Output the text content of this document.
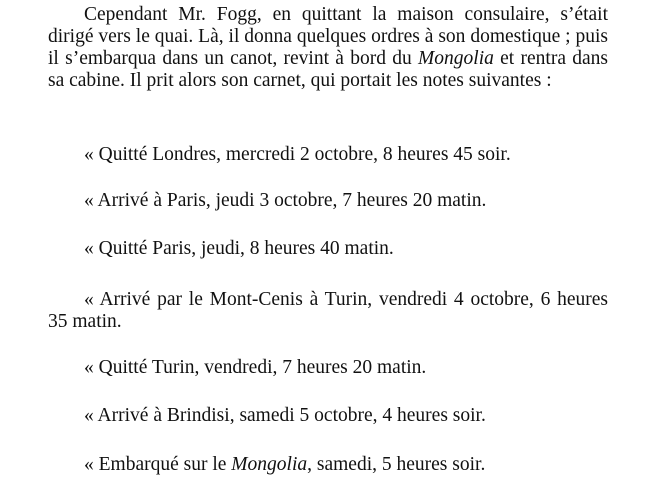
Cependant Mr. Fogg, en quittant la maison consulaire, s’était dirigé vers le quai. Là, il donna quelques ordres à son domestique ; puis il s’embarqua dans un canot, revint à bord du Mongolia et rentra dans sa cabine. Il prit alors son carnet, qui portait les notes suivantes :

« Quitté Londres, mercredi 2 octobre, 8 heures 45 soir.

« Arrivé à Paris, jeudi 3 octobre, 7 heures 20 matin.

« Quitté Paris, jeudi, 8 heures 40 matin.

« Arrivé par le Mont-Cenis à Turin, vendredi 4 octobre, 6 heures 35 matin.

« Quitté Turin, vendredi, 7 heures 20 matin.

« Arrivé à Brindisi, samedi 5 octobre, 4 heures soir.

« Embarqué sur le Mongolia, samedi, 5 heures soir.
